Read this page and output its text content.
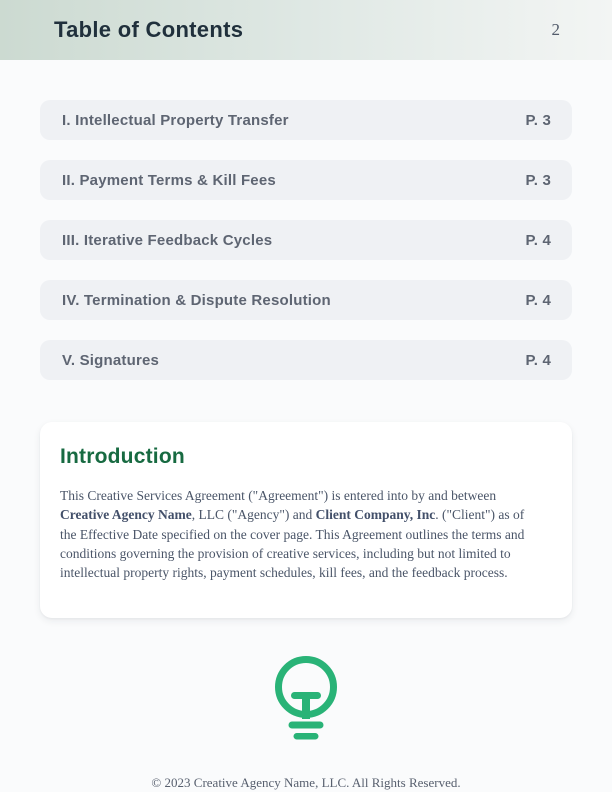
Table of Contents	2
I. Intellectual Property Transfer	P. 3
II. Payment Terms & Kill Fees	P. 3
III. Iterative Feedback Cycles	P. 4
IV. Termination & Dispute Resolution	P. 4
V. Signatures	P. 4
Introduction

This Creative Services Agreement ("Agreement") is entered into by and between Creative Agency Name, LLC ("Agency") and Client Company, Inc. ("Client") as of the Effective Date specified on the cover page. This Agreement outlines the terms and conditions governing the provision of creative services, including but not limited to intellectual property rights, payment schedules, kill fees, and the feedback process.

© 2023 Creative Agency Name, LLC. All Rights Reserved.
